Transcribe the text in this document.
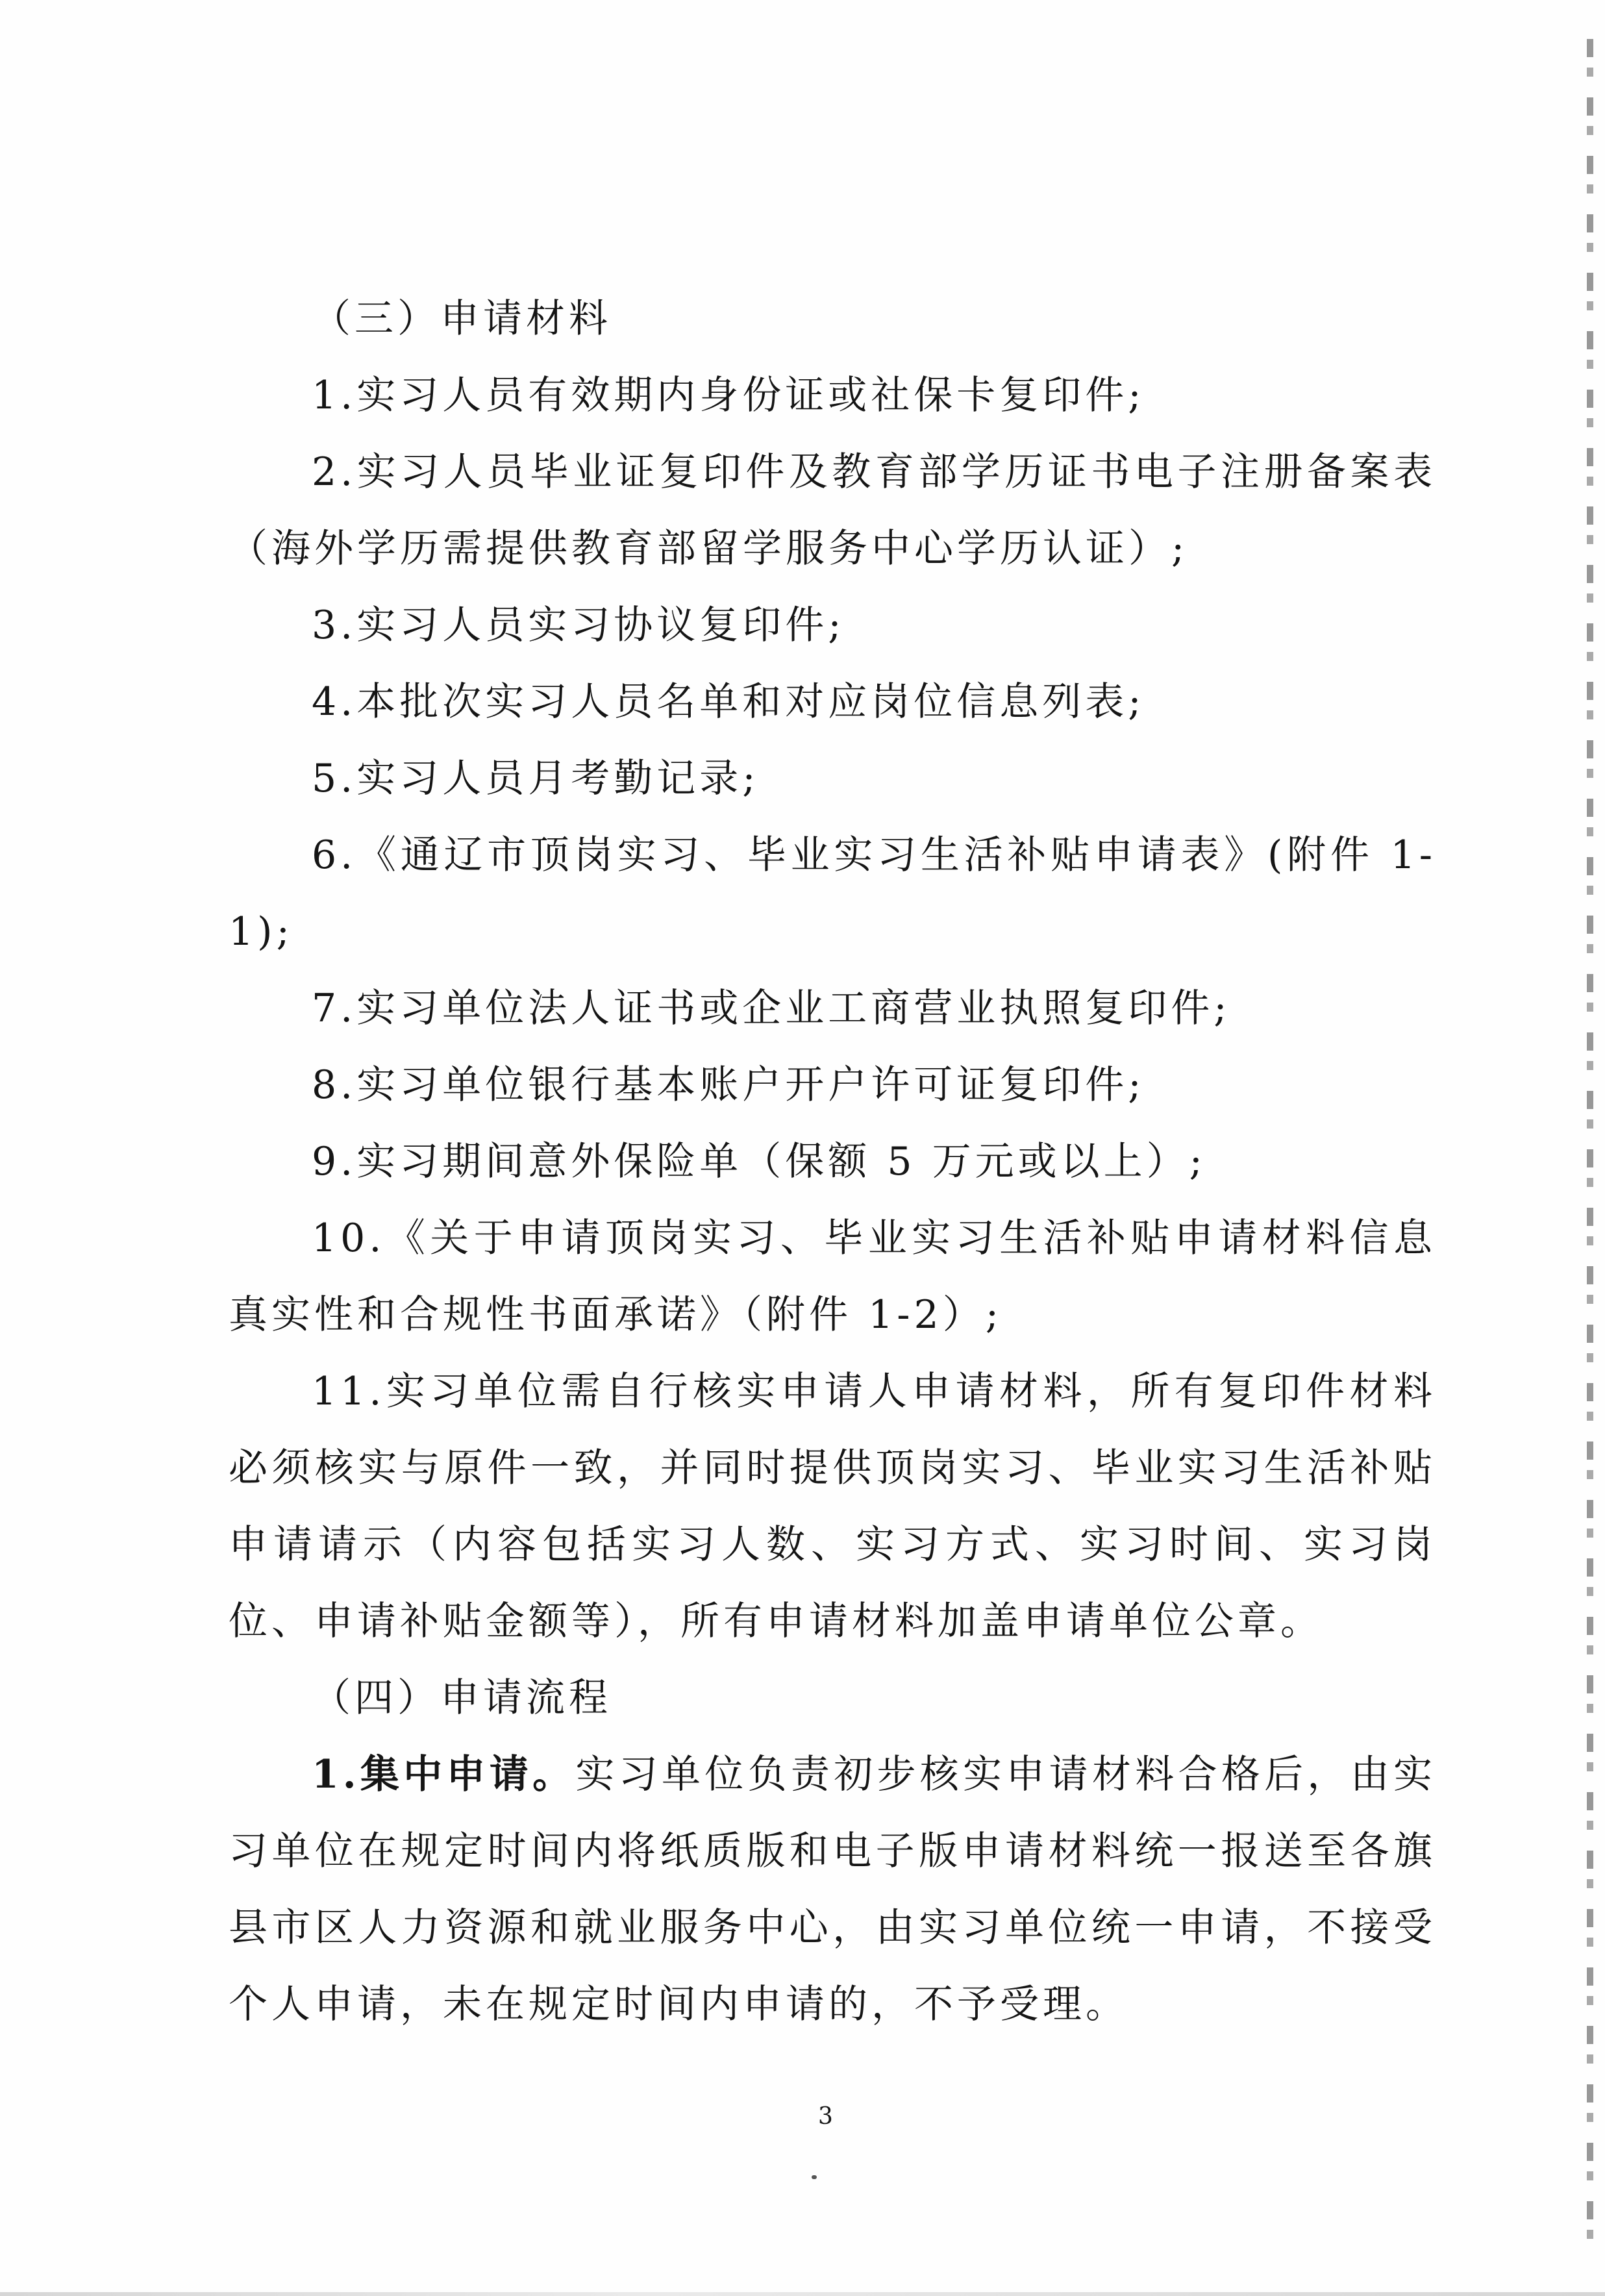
（三）申请材料

1.实习人员有效期内身份证或社保卡复印件;

2.实习人员毕业证复印件及教育部学历证书电子注册备案表（海外学历需提供教育部留学服务中心学历认证）;

3.实习人员实习协议复印件;

4.本批次实习人员名单和对应岗位信息列表;

5.实习人员月考勤记录;

6.《通辽市顶岗实习、毕业实习生活补贴申请表》(附件 1-1);

7.实习单位法人证书或企业工商营业执照复印件;

8.实习单位银行基本账户开户许可证复印件;

9.实习期间意外保险单（保额 5 万元或以上）;

10.《关于申请顶岗实习、毕业实习生活补贴申请材料信息真实性和合规性书面承诺》（附件 1-2）;

11.实习单位需自行核实申请人申请材料，所有复印件材料必须核实与原件一致，并同时提供顶岗实习、毕业实习生活补贴申请请示（内容包括实习人数、实习方式、实习时间、实习岗位、申请补贴金额等），所有申请材料加盖申请单位公章。

（四）申请流程

1.集中申请。实习单位负责初步核实申请材料合格后，由实习单位在规定时间内将纸质版和电子版申请材料统一报送至各旗县市区人力资源和就业服务中心，由实习单位统一申请，不接受个人申请，未在规定时间内申请的，不予受理。

3
